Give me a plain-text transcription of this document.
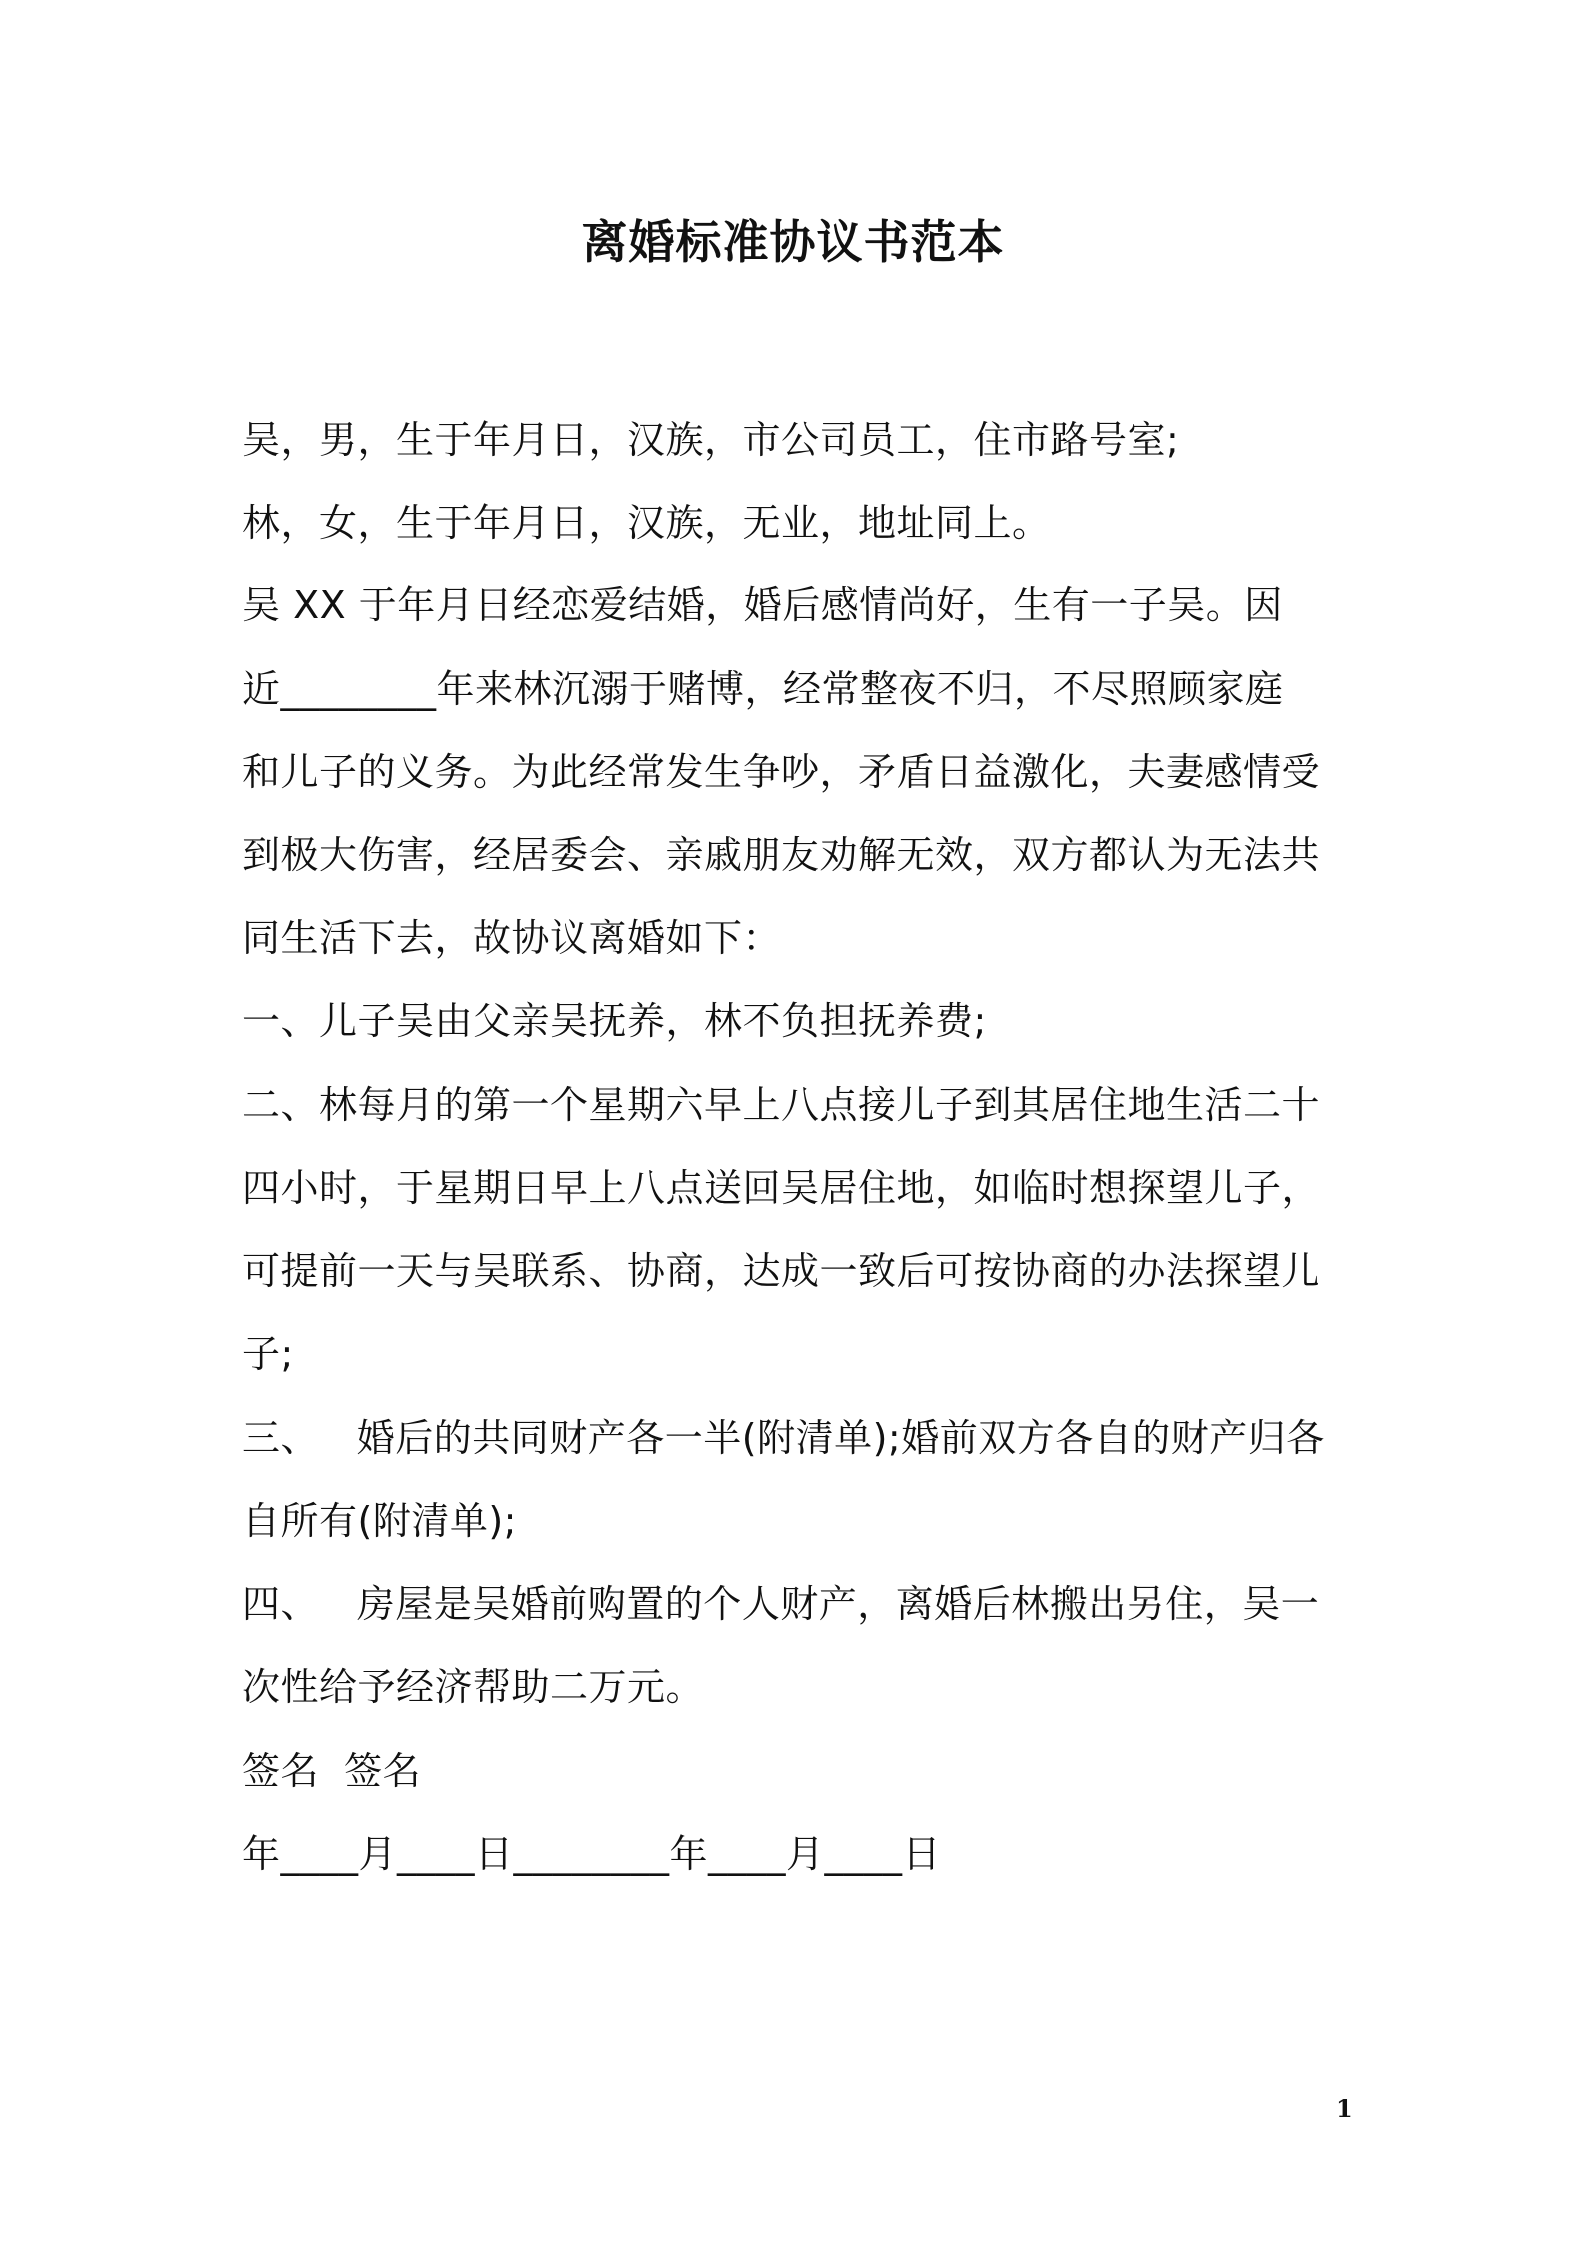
离婚标准协议书范本
吴，男，生于年月日，汉族，市公司员工，住市路号室;
林，女，生于年月日，汉族，无业，地址同上。
吴 XX 于年月日经恋爱结婚，婚后感情尚好，生有一子吴。因
近________年来林沉溺于赌博，经常整夜不归，不尽照顾家庭
和儿子的义务。为此经常发生争吵，矛盾日益激化，夫妻感情受
到极大伤害，经居委会、亲戚朋友劝解无效，双方都认为无法共
同生活下去，故协议离婚如下：
一、儿子吴由父亲吴抚养，林不负担抚养费;
二、林每月的第一个星期六早上八点接儿子到其居住地生活二十
四小时，于星期日早上八点送回吴居住地，如临时想探望儿子，
可提前一天与吴联系、协商，达成一致后可按协商的办法探望儿
子;
三、   婚后的共同财产各一半(附清单);婚前双方各自的财产归各
自所有(附清单);
四、   房屋是吴婚前购置的个人财产，离婚后林搬出另住，吴一
次性给予经济帮助二万元。
签名  签名
年____月____日________年____月____日
1
